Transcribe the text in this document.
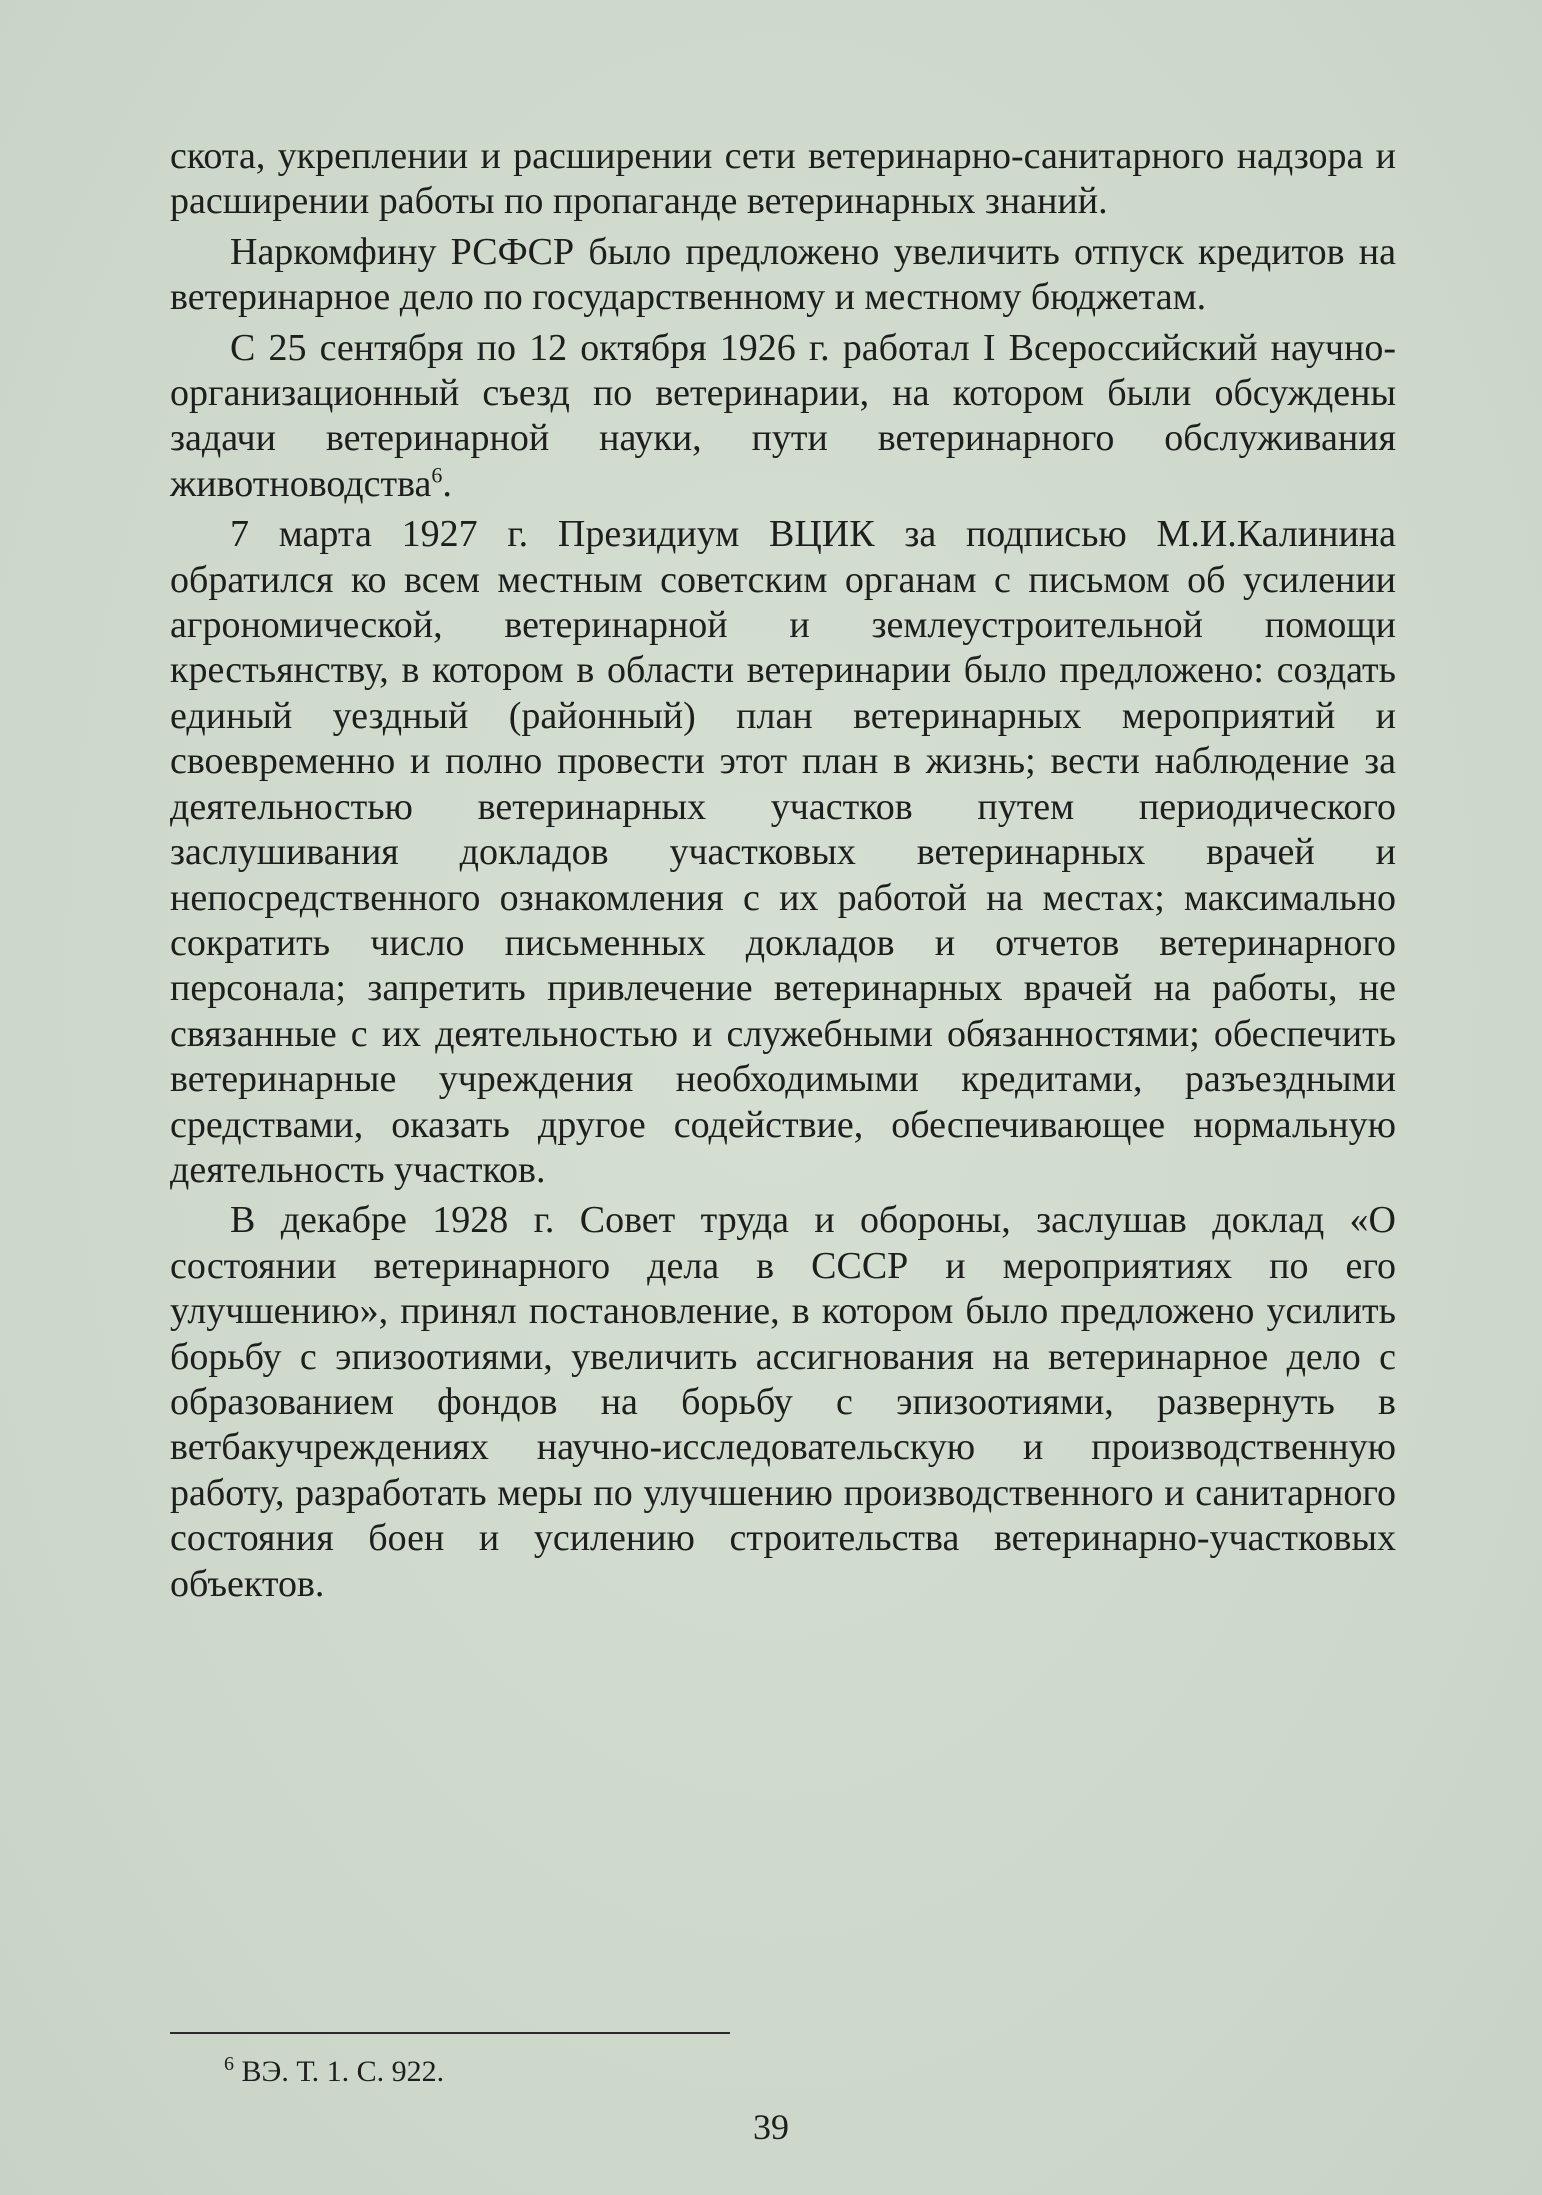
скота, укреплении и расширении сети ветеринарно-санитарного надзора и расширении работы по пропаганде ветеринарных знаний.

Наркомфину РСФСР было предложено увеличить отпуск кредитов на ветеринарное дело по государственному и местному бюджетам.

С 25 сентября по 12 октября 1926 г. работал I Всероссийский научно-организационный съезд по ветеринарии, на котором были обсуждены задачи ветеринарной науки, пути ветеринарного обслуживания животноводства$^6$.

7 марта 1927 г. Президиум ВЦИК за подписью М.И.Калинина обратился ко всем местным советским органам с письмом об усилении агрономической, ветеринарной и землеустроительной помощи крестьянству, в котором в области ветеринарии было предложено: создать единый уездный (районный) план ветеринарных мероприятий и своевременно и полно провести этот план в жизнь; вести наблюдение за деятельностью ветеринарных участков путем периодического заслушивания докладов участковых ветеринарных врачей и непосредственного ознакомления с их работой на местах; максимально сократить число письменных докладов и отчетов ветеринарного персонала; запретить привлечение ветеринарных врачей на работы, не связанные с их деятельностью и служебными обязанностями; обеспечить ветеринарные учреждения необходимыми кредитами, разъездными средствами, оказать другое содействие, обеспечивающее нормальную деятельность участков.

В декабре 1928 г. Совет труда и обороны, заслушав доклад «О состоянии ветеринарного дела в СССР и мероприятиях по его улучшению», принял постановление, в котором было предложено усилить борьбу с эпизоотиями, увеличить ассигнования на ветеринарное дело с образованием фондов на борьбу с эпизоотиями, развернуть в ветбакучреждениях научно-исследовательскую и производственную работу, разработать меры по улучшению производственного и санитарного состояния боен и усилению строительства ветеринарно-участковых объектов.

$^6$ ВЭ. Т. 1. С. 922.
39
